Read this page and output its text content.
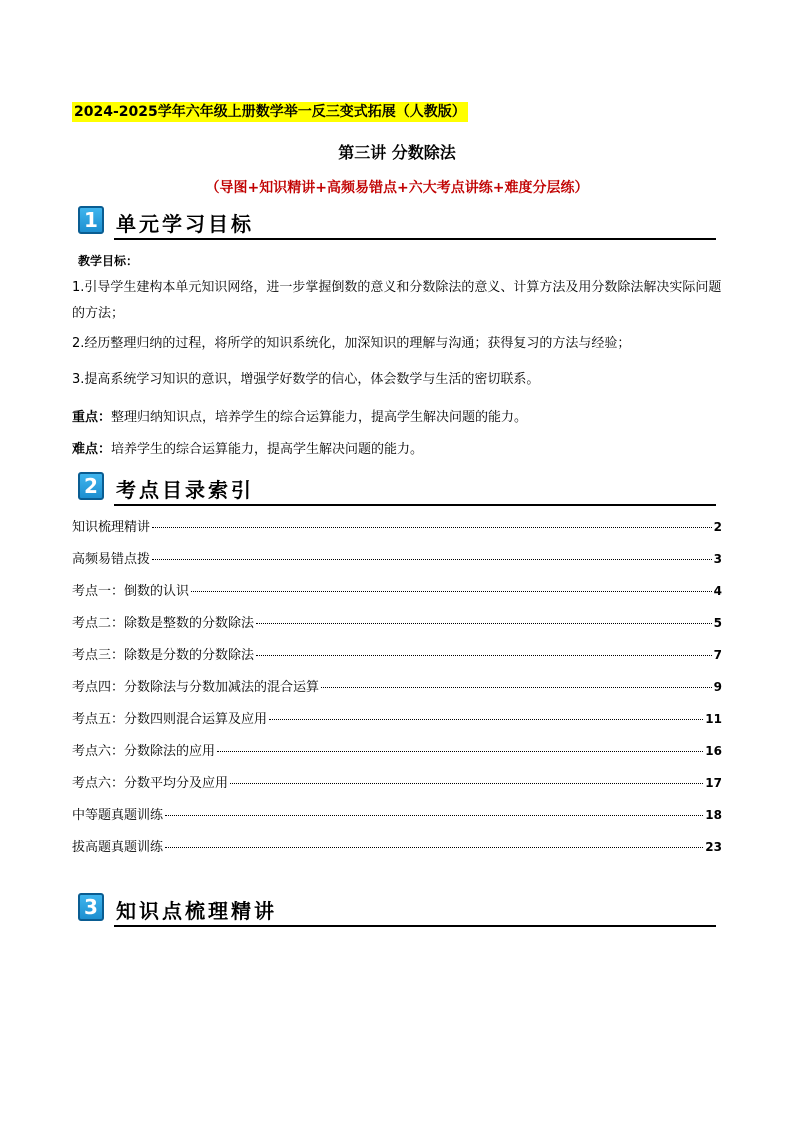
2024-2025学年六年级上册数学举一反三变式拓展（人教版）
第三讲 分数除法
（导图+知识精讲+高频易错点+六大考点讲练+难度分层练）
1 单元学习目标
教学目标：
1.引导学生建构本单元知识网络，进一步掌握倒数的意义和分数除法的意义、计算方法及用分数除法解决实际问题的方法；
2.经历整理归纳的过程，将所学的知识系统化，加深知识的理解与沟通；获得复习的方法与经验；
3.提高系统学习知识的意识，增强学好数学的信心，体会数学与生活的密切联系。
重点：整理归纳知识点，培养学生的综合运算能力，提高学生解决问题的能力。
难点：培养学生的综合运算能力，提高学生解决问题的能力。
2 考点目录索引
知识梳理精讲	2
高频易错点拨	3
考点一：倒数的认识	4
考点二：除数是整数的分数除法	5
考点三：除数是分数的分数除法	7
考点四：分数除法与分数加减法的混合运算	9
考点五：分数四则混合运算及应用	11
考点六：分数除法的应用	16
考点六：分数平均分及应用	17
中等题真题训练	18
拔高题真题训练	23
3 知识点梳理精讲
